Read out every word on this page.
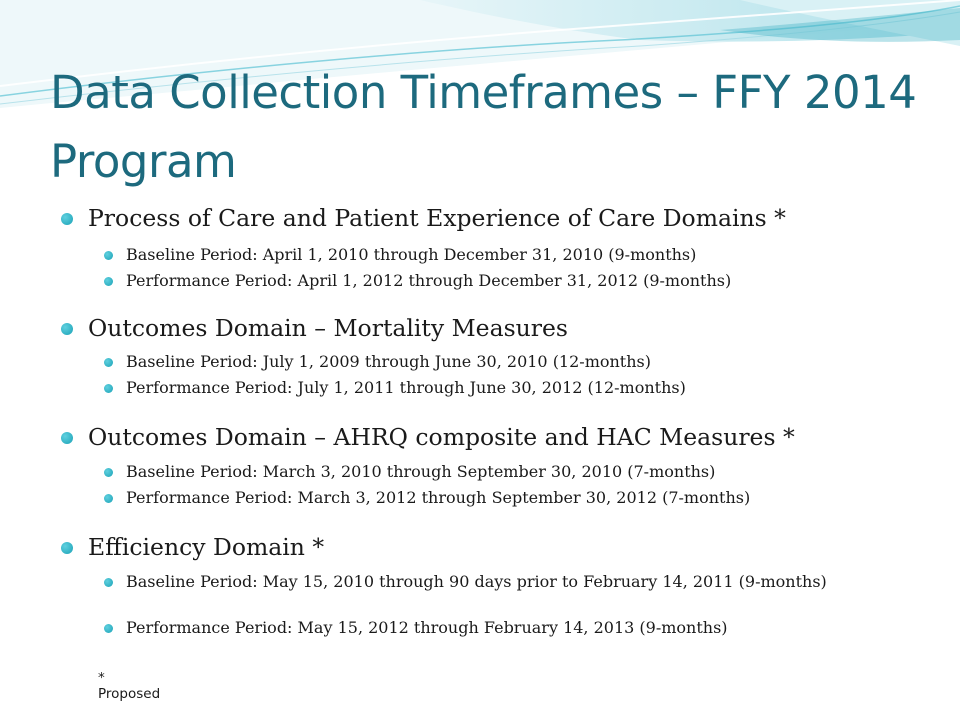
Data Collection Timeframes – FFY 2014 Program
Process of Care and Patient Experience of Care Domains *
Baseline Period: April 1, 2010 through December 31, 2010 (9-months)
Performance Period: April 1, 2012 through December 31, 2012 (9-months)
Outcomes Domain – Mortality Measures
Baseline Period: July 1, 2009 through June 30, 2010 (12-months)
Performance Period: July 1, 2011 through June 30, 2012 (12-months)
Outcomes Domain – AHRQ composite and HAC Measures *
Baseline Period: March 3, 2010 through September 30, 2010 (7-months)
Performance Period: March 3, 2012 through September 30, 2012 (7-months)
Efficiency Domain *
Baseline Period: May 15, 2010 through 90 days prior to February 14, 2011 (9-months)
Performance Period: May 15, 2012 through February 14, 2013 (9-months)
* Proposed
